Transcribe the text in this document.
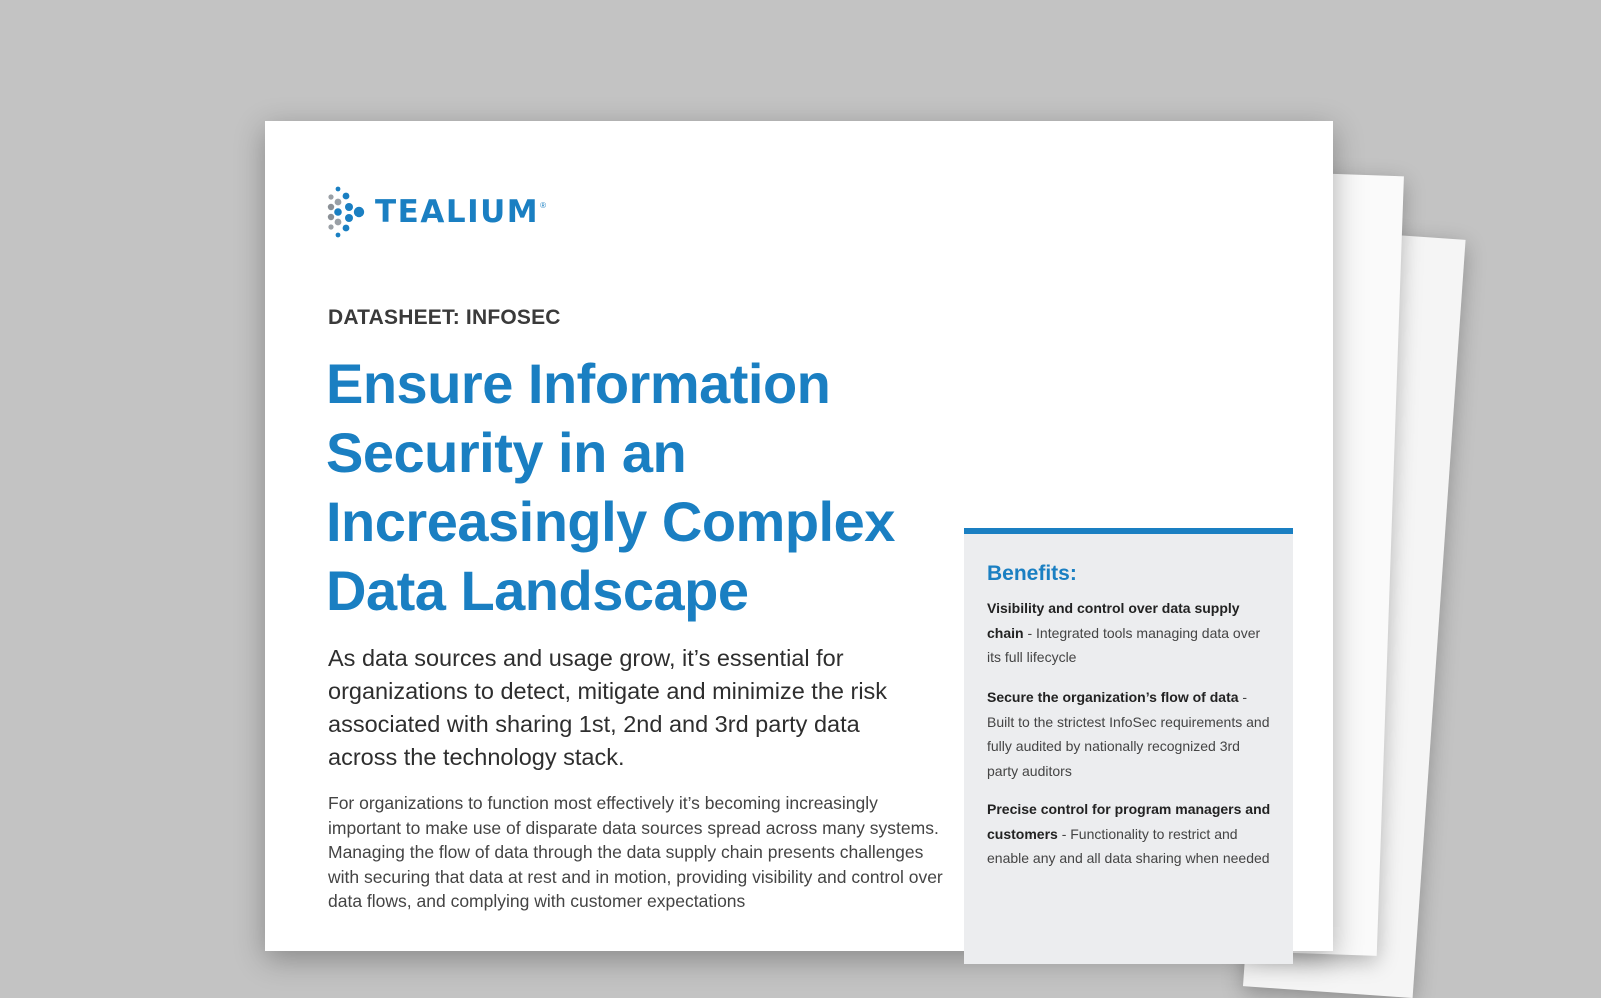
TEALIUM ®
DATASHEET: INFOSEC
Ensure Information Security in an Increasingly Complex Data Landscape

As data sources and usage grow, it’s essential for organizations to detect, mitigate and minimize the risk associated with sharing 1st, 2nd and 3rd party data across the technology stack.

For organizations to function most effectively it’s becoming increasingly important to make use of disparate data sources spread across many systems. Managing the flow of data through the data supply chain presents challenges with securing that data at rest and in motion, providing visibility and control over data flows, and complying with customer expectations

Benefits:

Visibility and control over data supply chain - Integrated tools managing data over its full lifecycle

Secure the organization’s flow of data - Built to the strictest InfoSec requirements and fully audited by nationally recognized 3rd party auditors

Precise control for program managers and customers - Functionality to restrict and enable any and all data sharing when needed
